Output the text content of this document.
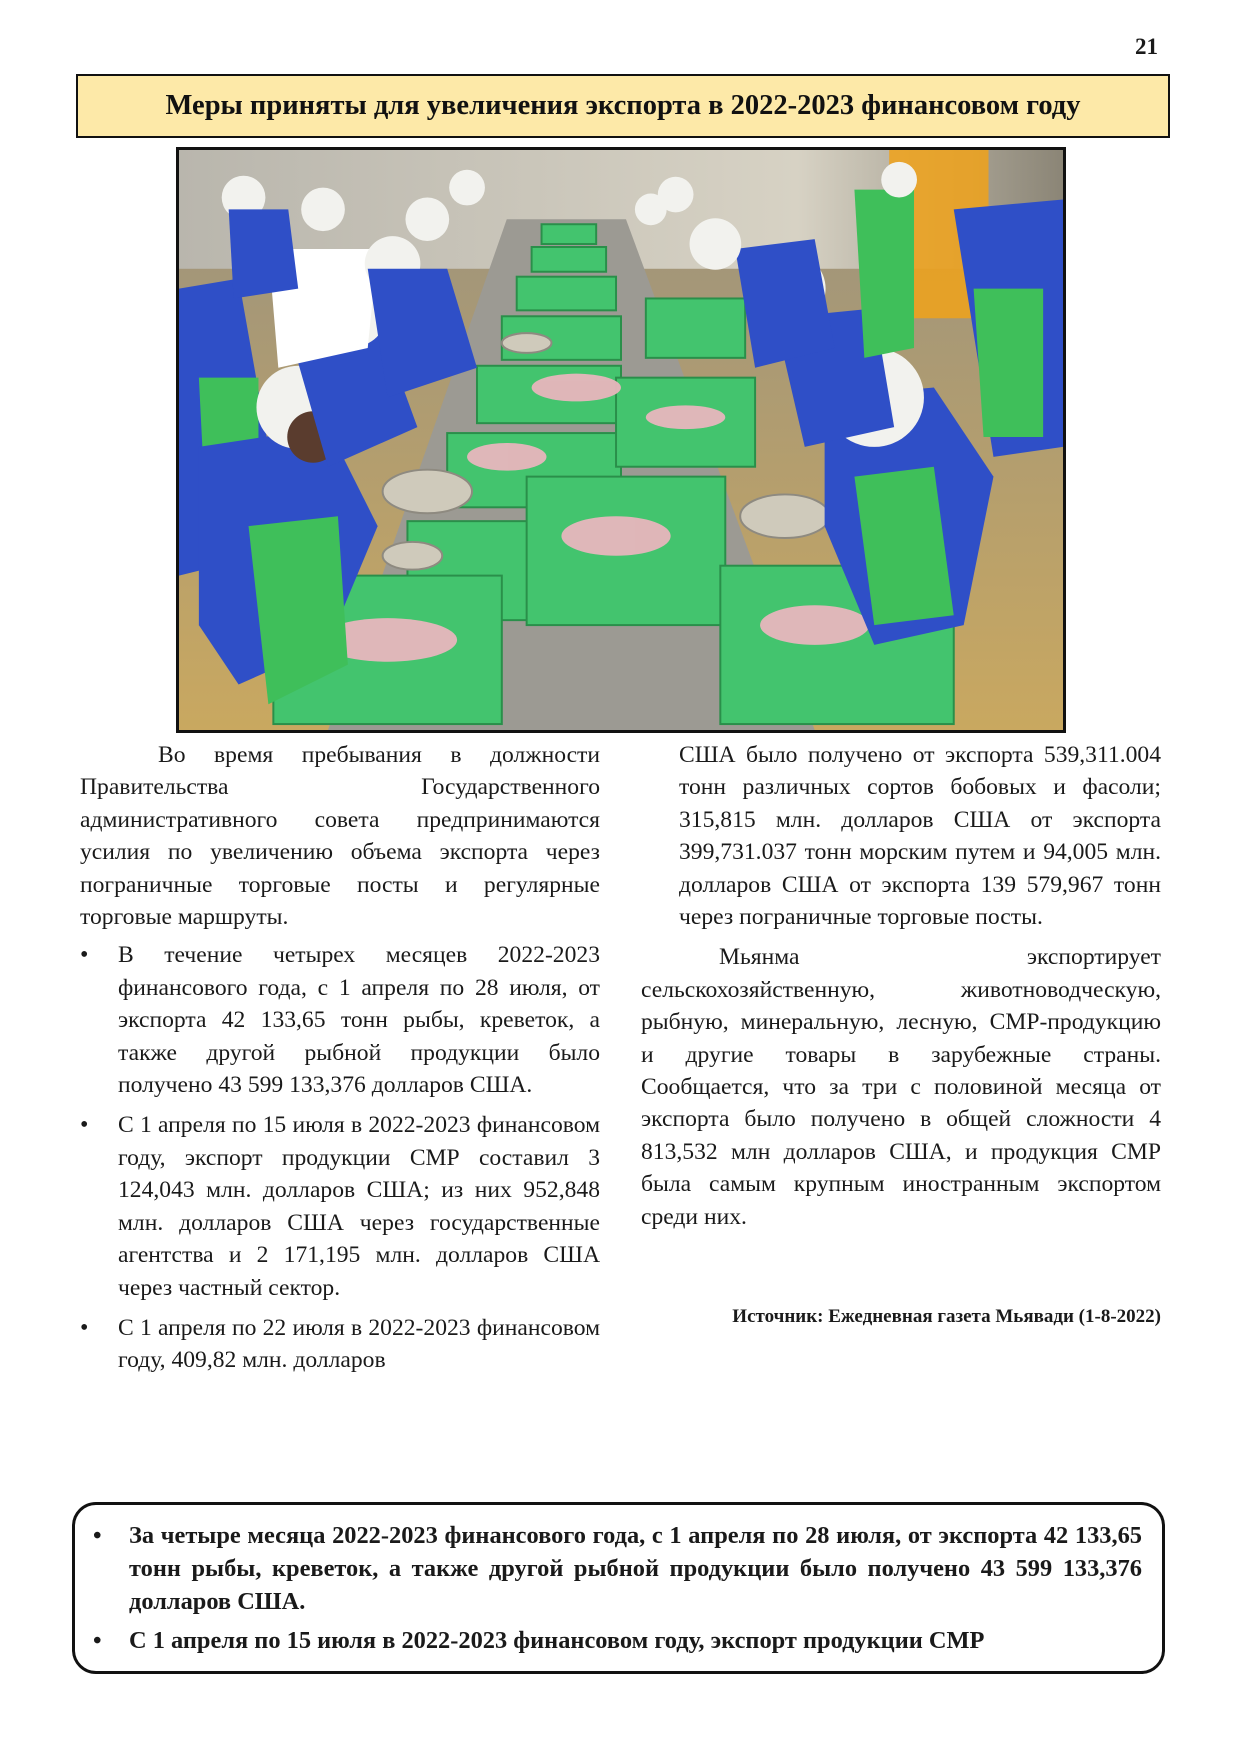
21
Меры приняты для увеличения экспорта в 2022-2023 финансовом году

Во время пребывания в должности Правительства Государственного административного совета предпринимаются усилия по увеличению объема экспорта через пограничные торговые посты и регулярные торговые маршруты.

• В течение четырех месяцев 2022-2023 финансового года, с 1 апреля по 28 июля, от экспорта 42 133,65 тонн рыбы, креветок, а также другой рыбной продукции было получено 43 599 133,376 долларов США.
• С 1 апреля по 15 июля в 2022-2023 финансовом году, экспорт продукции СМР составил 3 124,043 млн. долларов США; из них 952,848 млн. долларов США через государственные агентства и 2 171,195 млн. долларов США через частный сектор.
• С 1 апреля по 22 июля в 2022-2023 финансовом году, 409,82 млн. долларов

США было получено от экспорта 539,311.004 тонн различных сортов бобовых и фасоли; 315,815 млн. долларов США от экспорта 399,731.037 тонн морским путем и 94,005 млн. долларов США от экспорта 139 579,967 тонн через пограничные торговые посты.

Мьянма экспортирует сельскохозяйственную, животноводческую, рыбную, минеральную, лесную, СМР-продукцию и другие товары в зарубежные страны. Сообщается, что за три с половиной месяца от экспорта было получено в общей сложности 4 813,532 млн долларов США, и продукция СМР была самым крупным иностранным экспортом среди них.

Источник: Ежедневная газета Мьявади (1-8-2022)
• За четыре месяца 2022-2023 финансового года, с 1 апреля по 28 июля, от экспорта 42 133,65 тонн рыбы, креветок, а также другой рыбной продукции было получено 43 599 133,376 долларов США.
• С 1 апреля по 15 июля в 2022-2023 финансовом году, экспорт продукции СМР
